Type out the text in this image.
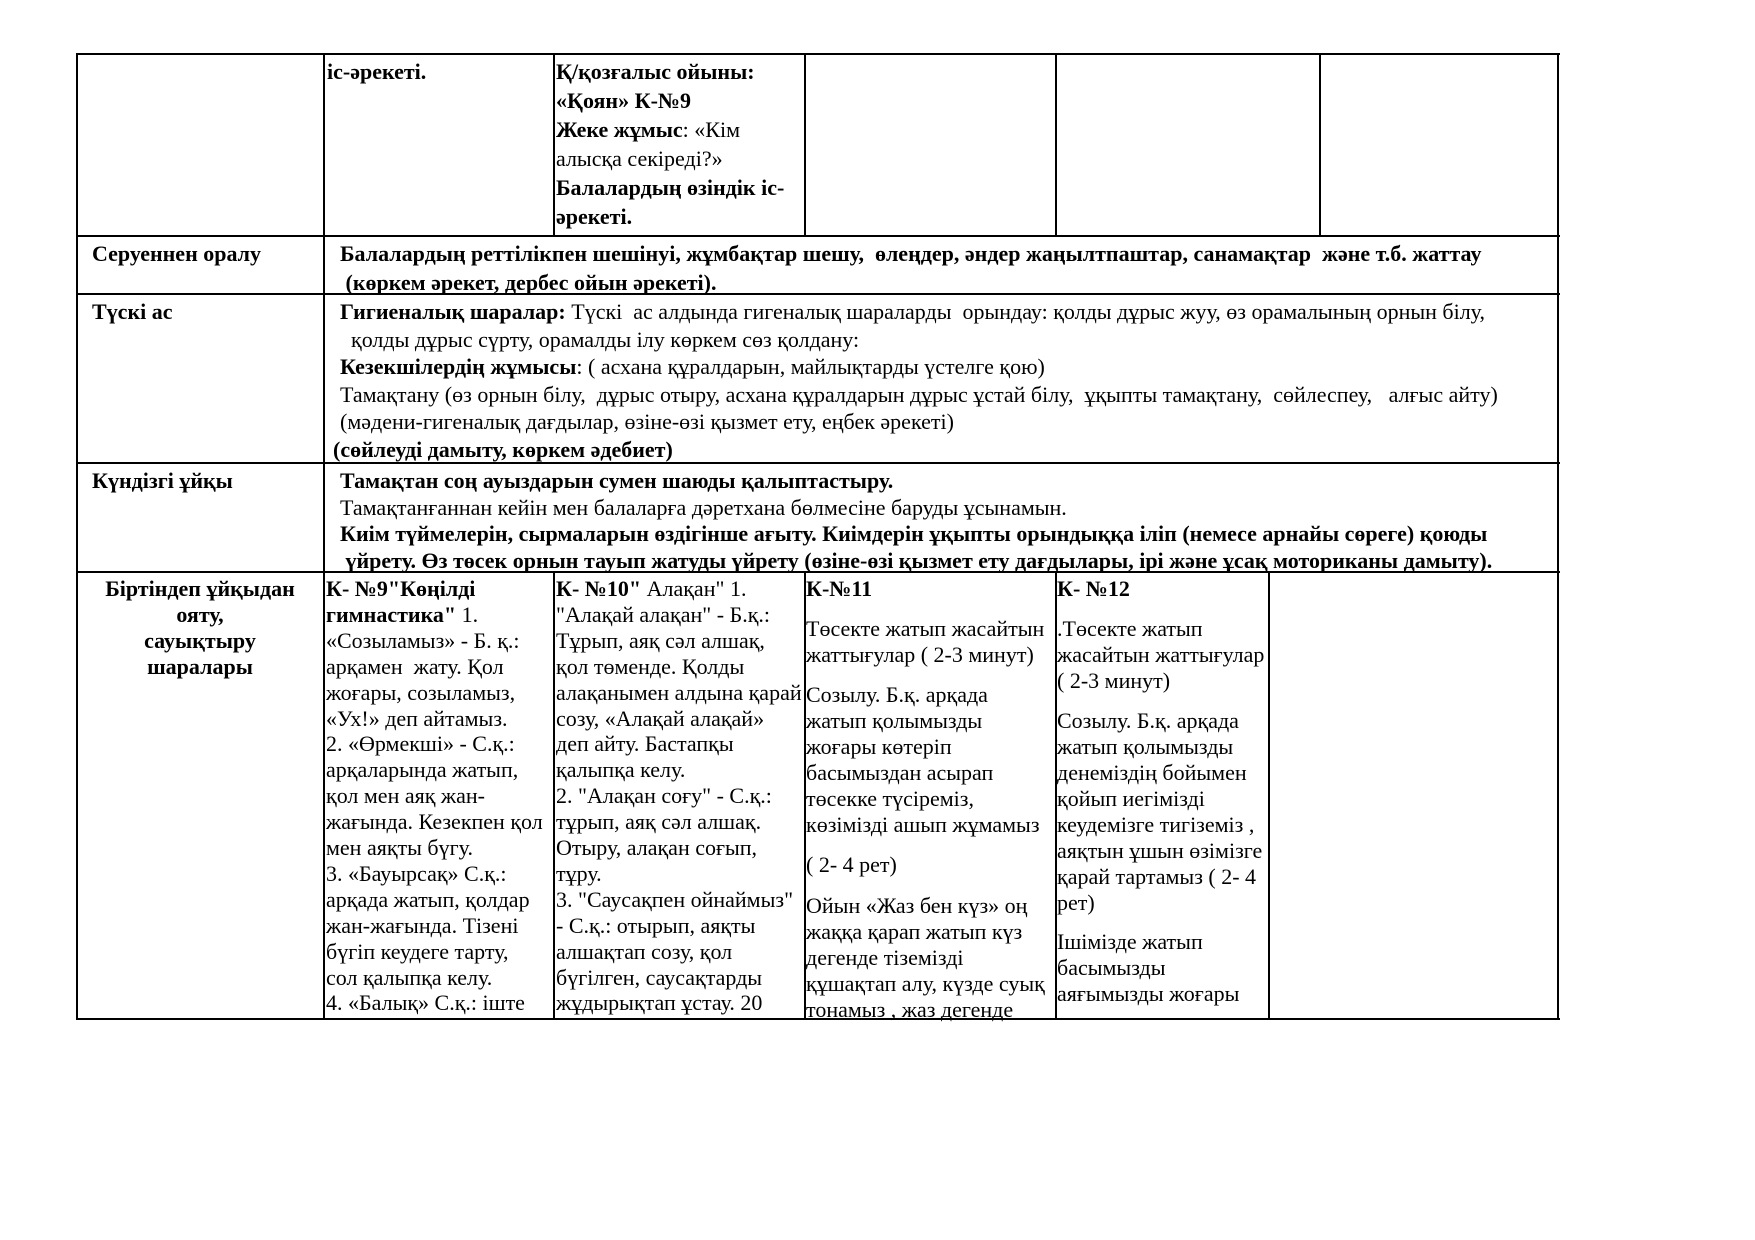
іс-әрекеті.
Серуеннен оралу
Түскі ас
Күндізгі ұйқы
Біртіндеп ұйқыдан
ояту,
сауықтыру
шаралары
К-№11	К- №12
Қ/қозғалыс ойыны:
«Қоян» К-№9
Жеке жұмыс: «Кім
алысқа секіреді?»
Балалардың өзіндік іс-
әрекеті.
Балалардың реттілікпен шешінуі, жұмбақтар шешу,  өлеңдер, әндер жаңылтпаштар, санамақтар  және т.б. жаттау
(көркем әрекет, дербес ойын әрекеті).
Гигиеналық шаралар: Түскі  ас алдында гигеналық шараларды  орындау: қолды дұрыс жуу, өз орамалының орнын білу,
қолды дұрыс сүрту, орамалды ілу көркем сөз қолдану:
Кезекшілердің жұмысы: ( асхана құралдарын, майлықтарды үстелге қою)
Тамақтану (өз орнын білу,  дұрыс отыру, асхана құралдарын дұрыс ұстай білу,  ұқыпты тамақтану,  сөйлеспеу,   алғыс айту)
(мәдени-гигеналық дағдылар, өзіне-өзі қызмет ету, еңбек әрекеті)
(сөйлеуді дамыту, көркем әдебиет)
Тамақтан соң ауыздарын сумен шаюды қалыптастыру.
Тамақтанғаннан кейін мен балаларға дәретхана бөлмесіне баруды ұсынамын.
Киім түймелерін, сырмаларын өздігінше ағыту. Киімдерін ұқыпты орындыққа іліп (немесе арнайы сөреге) қоюды
үйрету. Өз төсек орнын тауып жатуды үйрету (өзіне-өзі қызмет ету дағдылары, ірі және ұсақ моториканы дамыту).
К- №9"Көңілді
гимнастика" 1.
«Созыламыз» - Б. қ.:
арқамен  жату. Қол
жоғары, созыламыз,
«Ух!» деп айтамыз.
2. «Өрмекші» - С.қ.:
арқаларында жатып,
қол мен аяқ жан-
жағында. Кезекпен қол
мен аяқты бүгу.
3. «Бауырсақ» С.қ.:
арқада жатып, қолдар
жан-жағында. Тізені
бүгіп кеудеге тарту,
сол қалыпқа келу.
4. «Балық» С.қ.: іште
К- №10" Алақан" 1.
"Алақай алақан" - Б.қ.:
Тұрып, аяқ сәл алшақ,
қол төменде. Қолды
алақанымен алдына қарай
созу, «Алақай алақай»
деп айту. Бастапқы
қалыпқа келу.
2. "Алақан соғу" - С.қ.:
тұрып, аяқ сәл алшақ.
Отыру, алақан соғып,
тұру.
3. "Саусақпен ойнаймыз"
- С.қ.: отырып, аяқты
алшақтап созу, қол
бүгілген, саусақтарды
жұдырықтап ұстау. 20
Төсекте жатып жасайтын
жаттығулар ( 2-3 минут)
Созылу. Б.қ. арқада
жатып қолымызды
жоғары көтеріп
басымыздан асырап
төсекке түсіреміз,
көзімізді ашып жұмамыз
( 2- 4 рет)
Ойын «Жаз бен күз» оң
жаққа қарап жатып күз
дегенде тіземізді
құшақтап алу, күзде суық
тонамыз , жаз дегенде
.Төсекте жатып
жасайтын жаттығулар
( 2-3 минут)
Созылу. Б.қ. арқада
жатып қолымызды
денеміздің бойымен
қойып иегімізді
кеудемізге тигіземіз ,
аяқтын ұшын өзімізге
қарай тартамыз ( 2- 4
рет)
Ішімізде жатып
басымызды
аяғымызды жоғары
